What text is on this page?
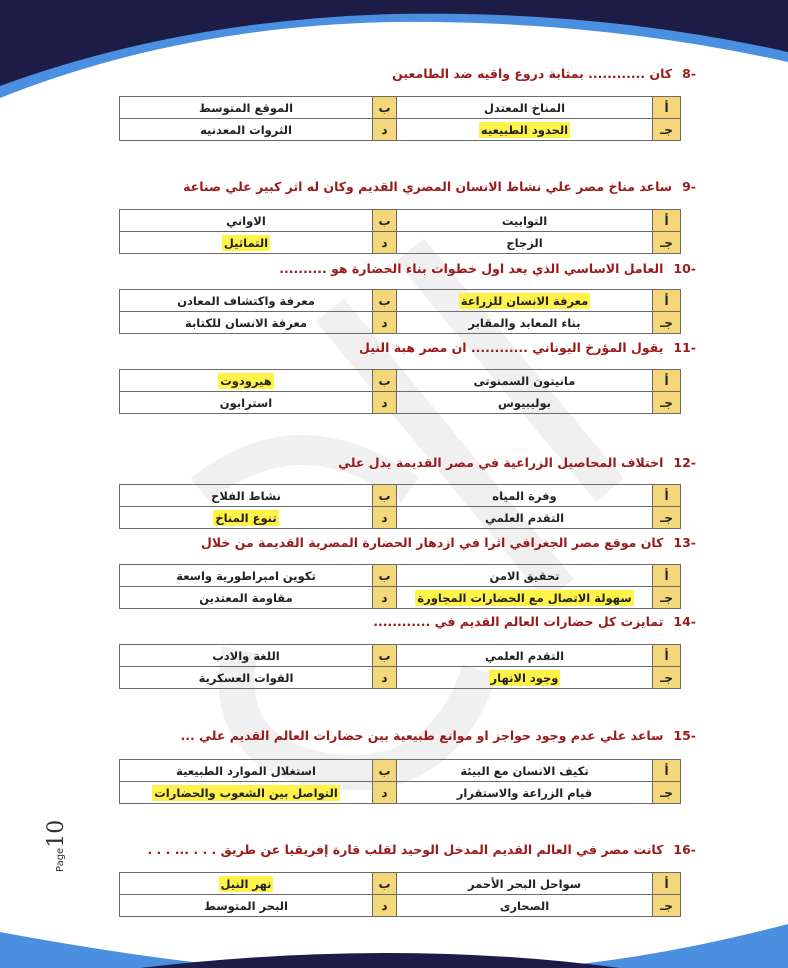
Page10
-8كان ............ بمثابة دروع واقيه ضد الطامعين
أ	المناخ المعتدل	ب	الموقع المتوسط
جـ	الحدود الطبيعيه	د	الثروات المعدنيه
-9ساعد مناخ مصر علي نشاط الانسان المصري القديم وكان له اثر كبير علي صناعة
أ	التوابيت	ب	الاواني
جـ	الزجاج	د	التماثيل
-10العامل الاساسي الذي يعد اول خطوات بناء الحضارة هو ..........
أ	معرفة الانسان للزراعة	ب	معرفة واكتشاف المعادن
جـ	بناء المعابد والمقابر	د	معرفة الانسان للكتابة
-11يقول المؤرخ اليوناني ............ ان مصر هبة النيل
أ	مانيتون السمنوتى	ب	هيرودوت
جـ	بوليبيوس	د	استرابون
-12اختلاف المحاصيل الزراعية في مصر القديمة يدل علي
أ	وفرة المياه	ب	نشاط الفلاح
جـ	التقدم العلمي	د	تنوع المناخ
-13كان موقع مصر الجغرافي اثرا في ازدهار الحضارة المصرية القديمة من خلال
أ	تحقيق الامن	ب	تكوين امبراطورية واسعة
جـ	سهولة الاتصال مع الحضارات المجاورة	د	مقاومة المعتدين
-14تمايزت كل حضارات العالم القديم في ............
أ	التقدم العلمي	ب	اللغة والادب
جـ	وجود الانهار	د	القوات العسكرية
-15ساعد علي عدم وجود حواجز او موانع طبيعية بين حضارات العالم القديم علي ...
أ	تكيف الانسان مع البيئة	ب	استغلال الموارد الطبيعية
جـ	قيام الزراعة والاستقرار	د	التواصل بين الشعوب والحضارات
-16كانت مصر في العالم القديم المدخل الوحيد لقلب قارة إفريقيا عن طريق . . . ... . . .
أ	سواحل البحر الأحمر	ب	نهر النيل
جـ	الصحارى	د	البحر المتوسط
